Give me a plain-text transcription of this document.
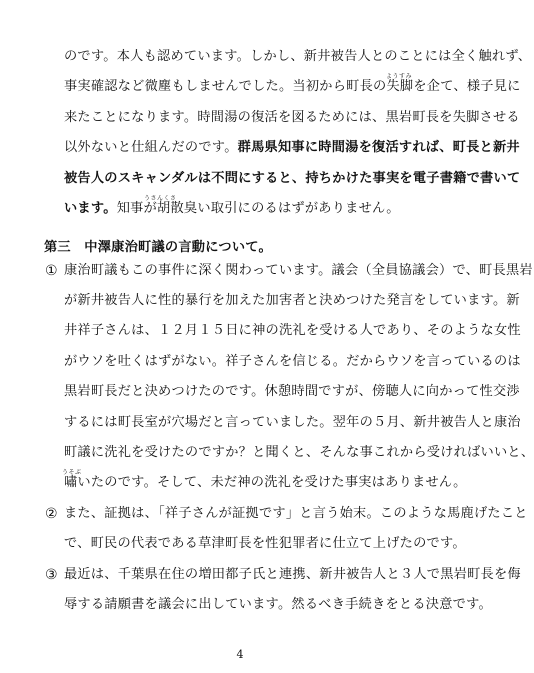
のです。本人も認めています。しかし、新井被告人とのことには全く触れず、
ようすみ
事実確認など微塵もしませんでした。当初から町長の失脚を企て、様子見に
来たことになります。時間湯の復活を図るためには、黒岩町長を失脚させる
以外ないと仕組んだのです。群馬県知事に時間湯を復活すれば、町長と新井
被告人のスキャンダルは不問にすると、持ちかけた事実を電子書籍で書いて
うさんくさ
います。知事が胡散臭い取引にのるはずがありません。
第三　中澤康治町議の言動について。
① 康治町議もこの事件に深く関わっています。議会（全員協議会）で、町長黒岩
が新井被告人に性的暴行を加えた加害者と決めつけた発言をしています。新
井祥子さんは、１２月１５日に神の洗礼を受ける人であり、そのような女性
がウソを吐くはずがない。祥子さんを信じる。だからウソを言っているのは
黒岩町長だと決めつけたのです。休憩時間ですが、傍聴人に向かって性交渉
するには町長室が穴場だと言っていました。翌年の５月、新井被告人と康治
町議に洗礼を受けたのですか？と聞くと、そんな事これから受ければいいと、
うそぶ
嘯いたのです。そして、未だ神の洗礼を受けた事実はありません。
4
② また、証拠は、「祥子さんが証拠です」と言う始末。このような馬鹿げたこと
で、町民の代表である草津町長を性犯罪者に仕立て上げたのです。
③ 最近は、千葉県在住の増田都子氏と連携、新井被告人と３人で黒岩町長を侮
辱する請願書を議会に出しています。然るべき手続きをとる決意です。
